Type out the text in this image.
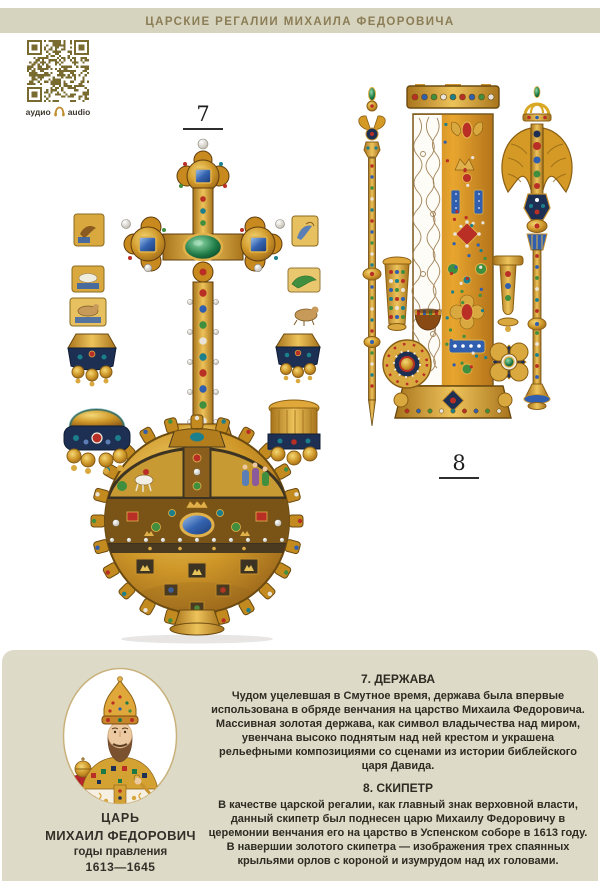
ЦАРСКИЕ РЕГАЛИИ МИХАИЛА ФЕДОРОВИЧА
аудио audio	7
8
ЦАРЬ
МИХАИЛ ФЕДОРОВИЧ
годы правления
1613—1645
7. ДЕРЖАВА

Чудом уцелевшая в Смутное время, держава была впервые использована в обряде венчания на царство Михаила Федоровича. Массивная золотая держава, как символ владычества над миром, увенчана высоко поднятым над ней крестом и украшена рельефными композициями со сценами из истории библейского царя Давида.

8. СКИПЕТР

В качестве царской регалии, как главный знак верховной власти, данный скипетр был поднесен царю Михаилу Федоровичу в церемонии венчания его на царство в Успенском соборе в 1613 году. В навершии золотого скипетра — изображения трех спаянных крыльями орлов с короной и изумрудом над их головами.
